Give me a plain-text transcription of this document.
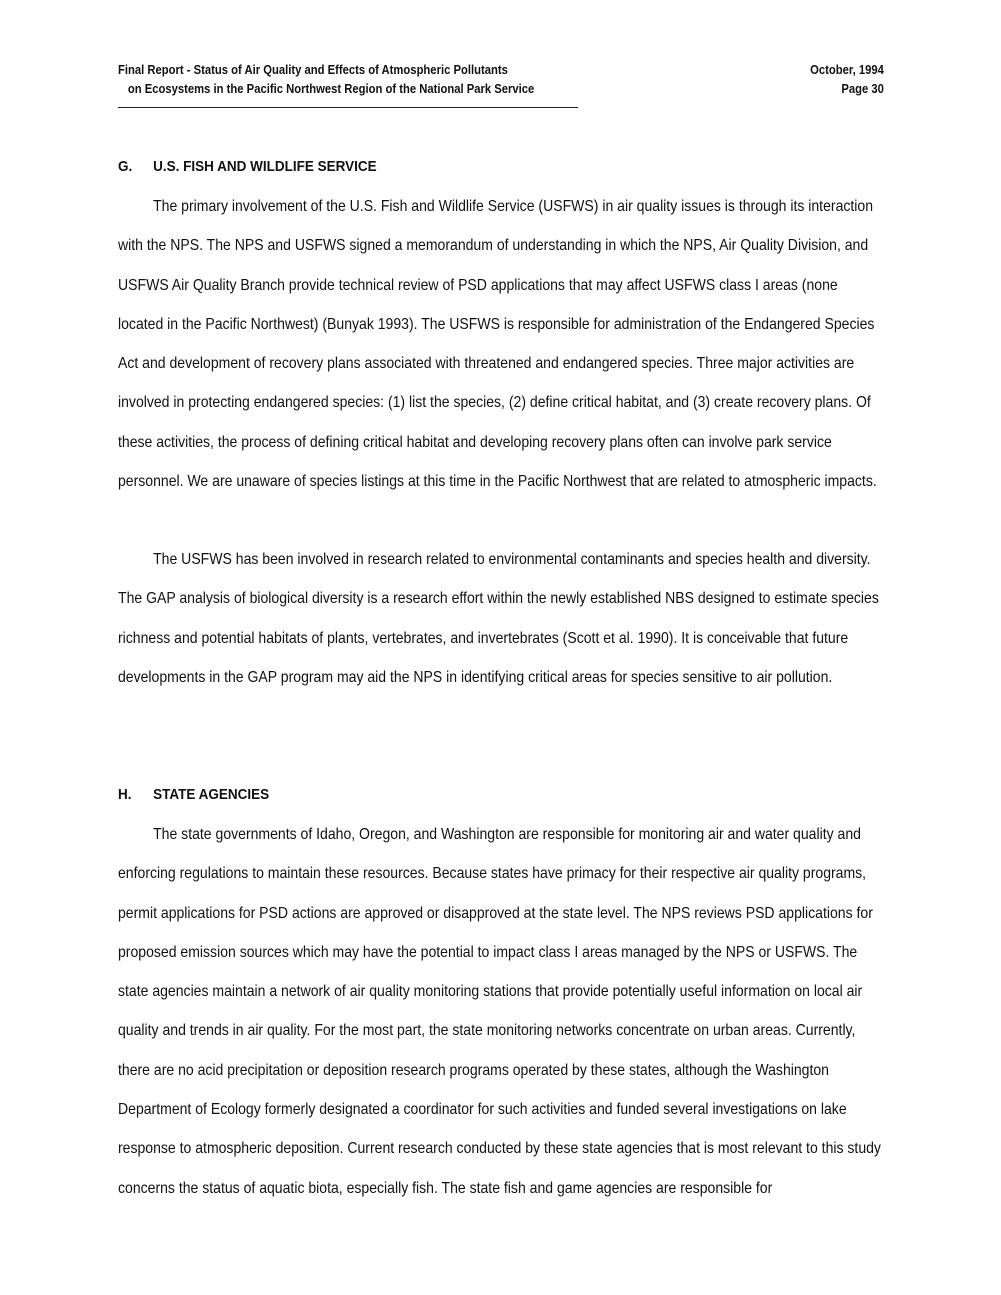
Final Report - Status of Air Quality and Effects of Atmospheric Pollutants
on Ecosystems in the Pacific Northwest Region of the National Park Service
October, 1994
Page 30
G. U.S. FISH AND WILDLIFE SERVICE

The primary involvement of the U.S. Fish and Wildlife Service (USFWS) in air quality issues is through its interaction with the NPS. The NPS and USFWS signed a memorandum of understanding in which the NPS, Air Quality Division, and USFWS Air Quality Branch provide technical review of PSD applications that may affect USFWS class I areas (none located in the Pacific Northwest) (Bunyak 1993). The USFWS is responsible for administration of the Endangered Species Act and development of recovery plans associated with threatened and endangered species. Three major activities are involved in protecting endangered species: (1) list the species, (2) define critical habitat, and (3) create recovery plans. Of these activities, the process of defining critical habitat and developing recovery plans often can involve park service personnel. We are unaware of species listings at this time in the Pacific Northwest that are related to atmospheric impacts.

The USFWS has been involved in research related to environmental contaminants and species health and diversity. The GAP analysis of biological diversity is a research effort within the newly established NBS designed to estimate species richness and potential habitats of plants, vertebrates, and invertebrates (Scott et al. 1990). It is conceivable that future developments in the GAP program may aid the NPS in identifying critical areas for species sensitive to air pollution.

H. STATE AGENCIES

The state governments of Idaho, Oregon, and Washington are responsible for monitoring air and water quality and enforcing regulations to maintain these resources. Because states have primacy for their respective air quality programs, permit applications for PSD actions are approved or disapproved at the state level. The NPS reviews PSD applications for proposed emission sources which may have the potential to impact class I areas managed by the NPS or USFWS. The state agencies maintain a network of air quality monitoring stations that provide potentially useful information on local air quality and trends in air quality. For the most part, the state monitoring networks concentrate on urban areas. Currently, there are no acid precipitation or deposition research programs operated by these states, although the Washington Department of Ecology formerly designated a coordinator for such activities and funded several investigations on lake response to atmospheric deposition. Current research conducted by these state agencies that is most relevant to this study concerns the status of aquatic biota, especially fish. The state fish and game agencies are responsible for
